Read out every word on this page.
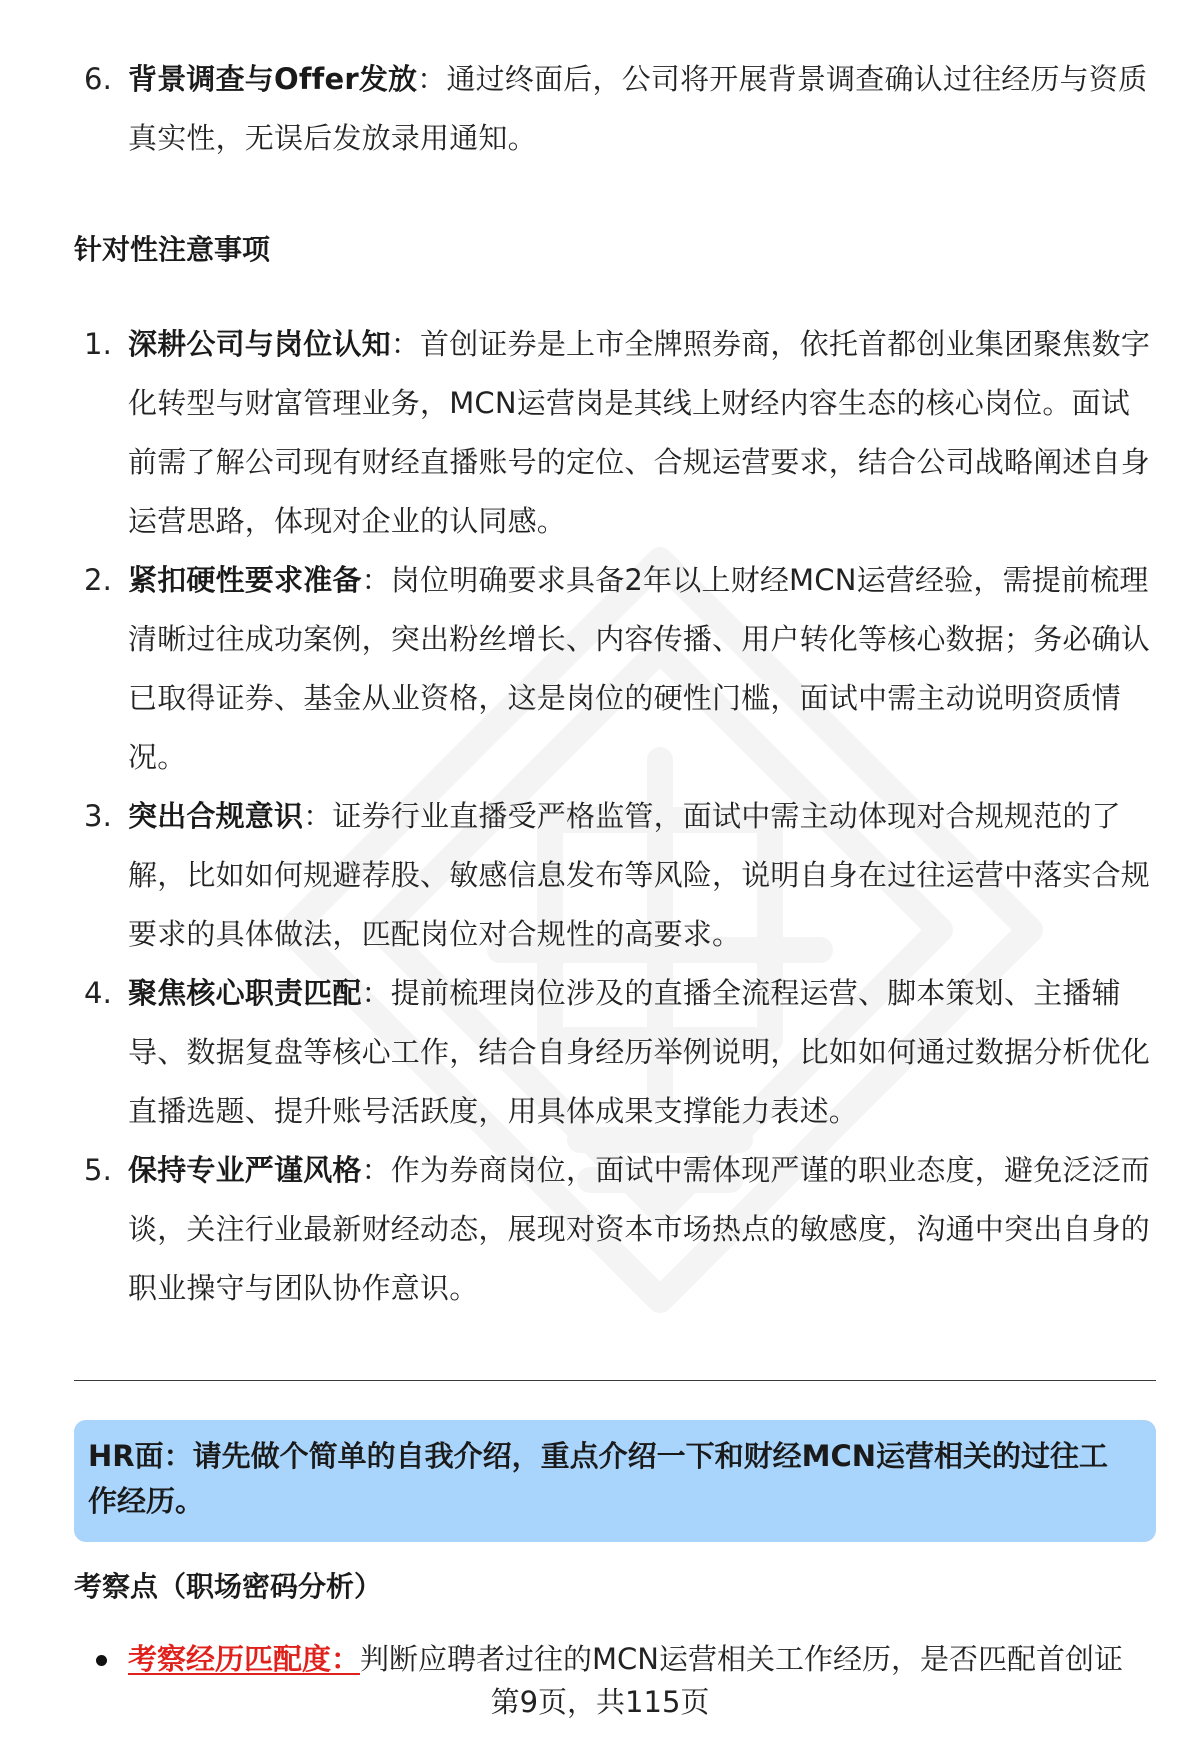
6. 背景调查与Offer发放：通过终面后，公司将开展背景调查确认过往经历与资质真实性，无误后发放录用通知。
针对性注意事项
1. 深耕公司与岗位认知：首创证券是上市全牌照券商，依托首都创业集团聚焦数字化转型与财富管理业务，MCN运营岗是其线上财经内容生态的核心岗位。面试前需了解公司现有财经直播账号的定位、合规运营要求，结合公司战略阐述自身运营思路，体现对企业的认同感。
2. 紧扣硬性要求准备：岗位明确要求具备2年以上财经MCN运营经验，需提前梳理清晰过往成功案例，突出粉丝增长、内容传播、用户转化等核心数据；务必确认已取得证券、基金从业资格，这是岗位的硬性门槛，面试中需主动说明资质情况。
3. 突出合规意识：证券行业直播受严格监管，面试中需主动体现对合规规范的了解，比如如何规避荐股、敏感信息发布等风险，说明自身在过往运营中落实合规要求的具体做法，匹配岗位对合规性的高要求。
4. 聚焦核心职责匹配：提前梳理岗位涉及的直播全流程运营、脚本策划、主播辅导、数据复盘等核心工作，结合自身经历举例说明，比如如何通过数据分析优化直播选题、提升账号活跃度，用具体成果支撑能力表述。
5. 保持专业严谨风格：作为券商岗位，面试中需体现严谨的职业态度，避免泛泛而谈，关注行业最新财经动态，展现对资本市场热点的敏感度，沟通中突出自身的职业操守与团队协作意识。
HR面：请先做个简单的自我介绍，重点介绍一下和财经MCN运营相关的过往工作经历。
考察点（职场密码分析）
考察经历匹配度：判断应聘者过往的MCN运营相关工作经历，是否匹配首创证
第9页，共115页
